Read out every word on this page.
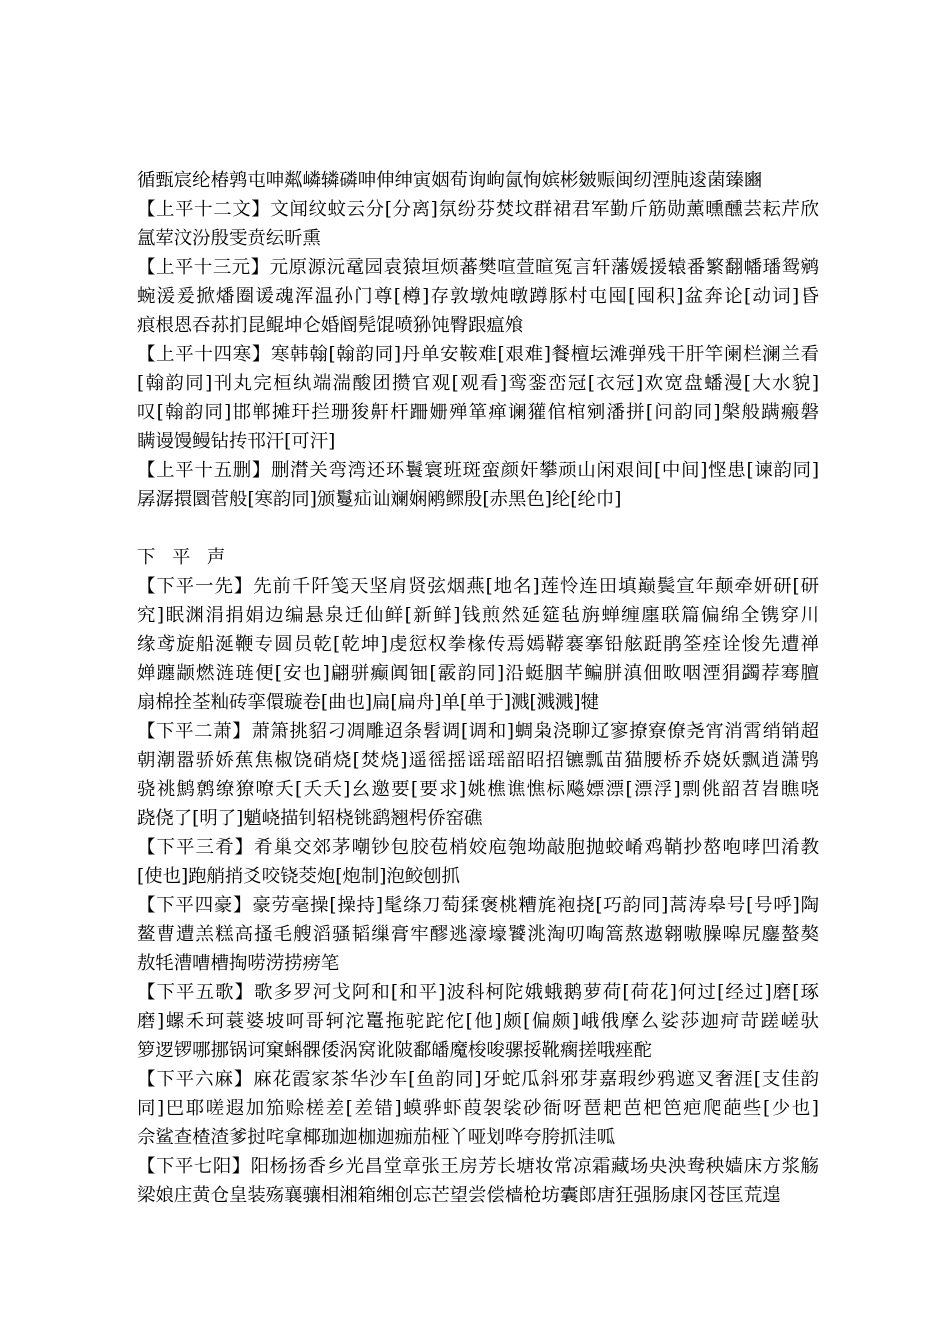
循甄宸纶椿鹑屯呻粼嶙辚磷呻伸绅寅姻荀询峋氤恂嫔彬皴赈闽纫湮肫逡菌臻豳
【上平十二文】文闻纹蚊云分[分离]氛纷芬焚坟群裙君军勤斤筋勋薰曛醺芸耘芹欣
氲荤汶汾殷雯贲纭昕熏
【上平十三元】元原源沅鼋园袁猿垣烦蕃樊喧萱暄冤言轩藩媛援辕番繁翻幡璠鸳鹓
蜿湲爰掀燔圈谖魂浑温孙门尊[樽]存敦墩炖暾蹲豚村屯囤[囤积]盆奔论[动词]昏
痕根恩吞荪扪昆鲲坤仑婚阍髡馄喷狲饨臀跟瘟飧
【上平十四寒】寒韩翰[翰韵同]丹单安鞍难[艰难]餐檀坛滩弹残干肝竿阑栏澜兰看
[翰韵同]刊丸完桓纨端湍酸团攒官观[观看]鸾銮峦冠[衣冠]欢宽盘蟠漫[大水貌]
叹[翰韵同]邯郸摊玕拦珊狻鼾杆跚姗殚箪瘅谰獾倌棺剜潘拼[问韵同]槃般蹒瘢磐
瞒谩馒鳗钻抟邗汗[可汗]
【上平十五删】删潸关弯湾还环鬟寰班斑蛮颜奸攀顽山闲艰间[中间]悭患[谏韵同]
孱潺擐圜菅般[寒韵同]颁鬘疝讪斓娴鹇鳏殷[赤黑色]纶[纶巾]
下平声
【下平一先】先前千阡笺天坚肩贤弦烟燕[地名]莲怜连田填巅鬓宣年颠牵妍研[研
究]眠渊涓捐娟边编悬泉迁仙鲜[新鲜]钱煎然延筵毡旃蝉缠廛联篇偏绵全镌穿川
缘鸢旋船涎鞭专圆员乾[乾坤]虔愆权拳椽传焉嫣鞯褰搴铅舷跹鹃筌痊诠悛先遭禅
婵躔颛燃涟琏便[安也]翩骈癫阗钿[霰韵同]沿蜓胭芊鳊胼滇佃畋咽湮狷蠲荐骞膻
扇棉拴荃籼砖挛儇璇卷[曲也]扁[扁舟]单[单于]溅[溅溅]犍
【下平二萧】萧箫挑貂刁凋雕迢条髫调[调和]蜩枭浇聊辽寥撩寮僚尧宵消霄绡销超
朝潮嚣骄娇蕉焦椒饶硝烧[焚烧]遥徭摇谣瑶韶昭招镳瓢苗猫腰桥乔娆妖飘逍潇鸮
骁祧鹪鹩缭獠嘹夭[夭夭]幺邀要[要求]姚樵谯憔标飚嫖漂[漂浮]剽佻韶苕岧瞧哓
跷侥了[明了]魈峣描钊轺桡铫鹞翘枵侨窑礁
【下平三肴】肴巢交郊茅嘲钞包胶苞梢姣庖匏坳敲胞抛蛟崤鸡鞘抄嶅咆哮凹淆教
[使也]跑艄捎爻咬铙茭炮[炮制]泡鲛刨抓
【下平四豪】豪劳毫操[操持]髦绦刀萄猱褒桃糟旄袍挠[巧韵同]蒿涛皋号[号呼]陶
鳌曹遭羔糕高搔毛艘滔骚韬缫膏牢醪逃濠壕饕洮淘叨啕篙熬遨翱嗷臊嗥尻鏖螯獒
敖牦漕嘈槽掏唠涝捞痨笔
【下平五歌】歌多罗河戈阿和[和平]波科柯陀娥蛾鹅萝荷[荷花]何过[经过]磨[琢
磨]螺禾珂蓑婆坡呵哥轲沱鼍拖驼跎佗[他]颇[偏颇]峨俄摩么娑莎迦疴苛蹉嵯驮
箩逻锣哪挪锅诃窠蝌髁倭涡窝讹陂鄱皤魔梭唆骡挼靴瘸搓哦痤酡
【下平六麻】麻花霞家茶华沙车[鱼韵同]牙蛇瓜斜邪芽嘉瑕纱鸦遮叉奢涯[支佳韵
同]巴耶嗟遐加笳赊槎差[差错]蟆骅虾葭袈裟砂衙呀琶耙芭杷笆疤爬葩些[少也]
佘鲨查楂渣爹挝咤拿椰珈迦枷迦痂茄桠丫哑划哗夸胯抓洼呱
【下平七阳】阳杨扬香乡光昌堂章张王房芳长塘妆常凉霜藏场央泱鸯秧嫱床方浆觞
梁娘庄黄仓皇装殇襄骧相湘箱缃创忘芒望尝偿樯枪坊囊郎唐狂强肠康冈苍匡荒遑
